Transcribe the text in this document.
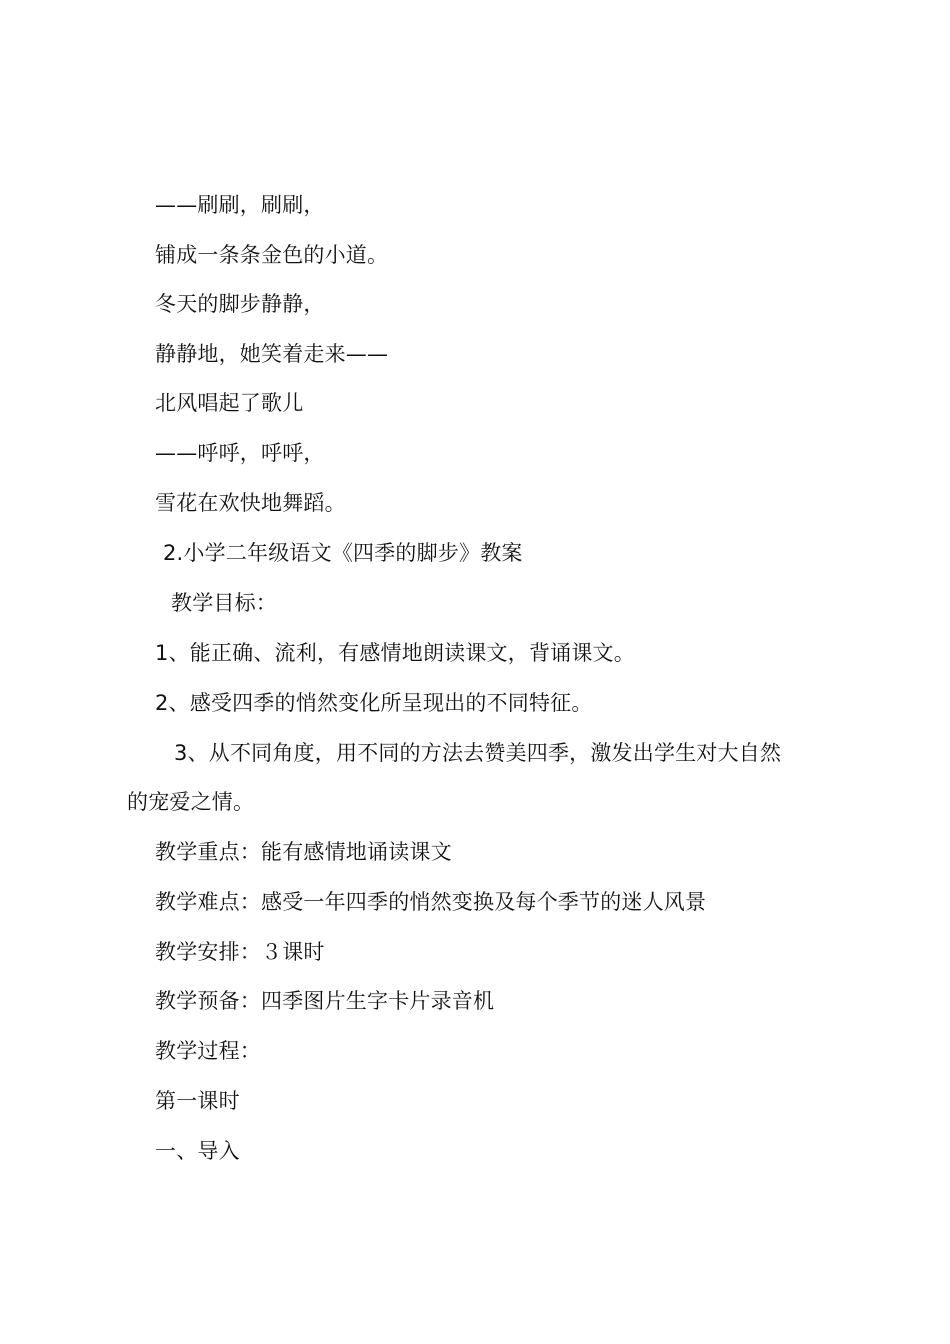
——刷刷，刷刷，
铺成一条条金色的小道。
冬天的脚步静静，
静静地，她笑着走来——
北风唱起了歌儿
——呼呼，呼呼，
雪花在欢快地舞蹈。
2.小学二年级语文《四季的脚步》教案
教学目标：
1、能正确、流利，有感情地朗读课文，背诵课文。
2、感受四季的悄然变化所呈现出的不同特征。
3、从不同角度，用不同的方法去赞美四季，激发出学生对大自然
的宠爱之情。
教学重点：能有感情地诵读课文
教学难点：感受一年四季的悄然变换及每个季节的迷人风景
教学安排：３课时
教学预备：四季图片生字卡片录音机
教学过程：
第一课时
一、导入
